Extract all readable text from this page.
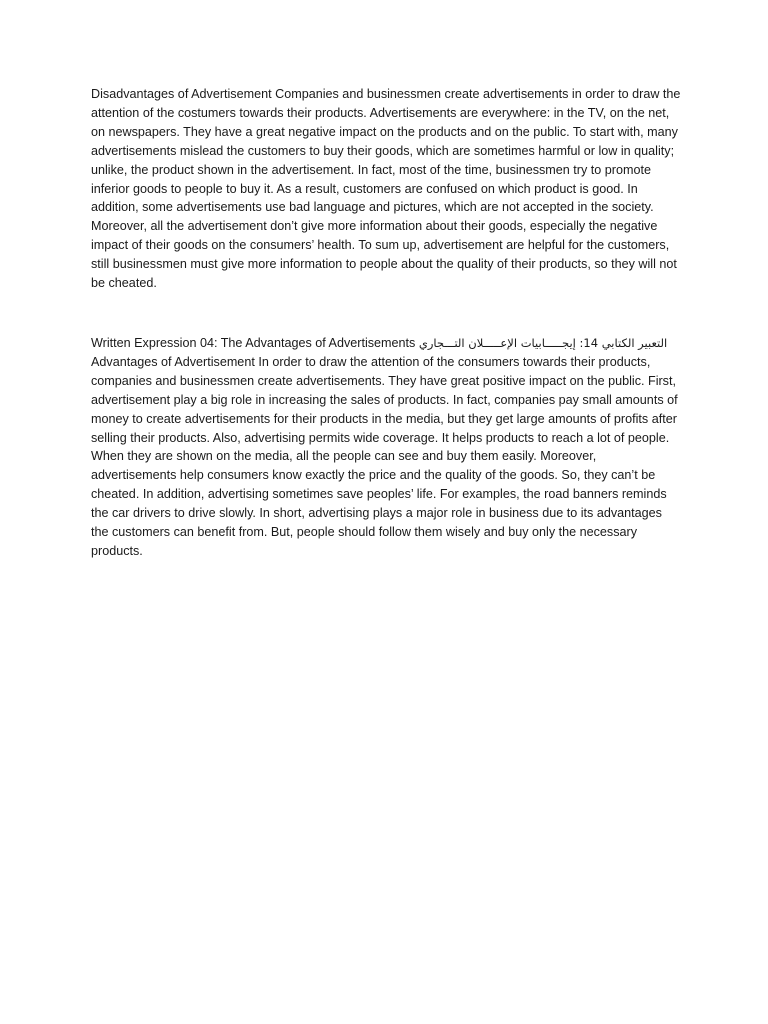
Disadvantages of Advertisement Companies and businessmen create advertisements in order to draw the attention of the costumers towards their products. Advertisements are everywhere: in the TV, on the net, on newspapers. They have a great negative impact on the products and on the public. To start with, many advertisements mislead the customers to buy their goods, which are sometimes harmful or low in quality; unlike, the product shown in the advertisement. In fact, most of the time, businessmen try to promote inferior goods to people to buy it. As a result, customers are confused on which product is good. In addition, some advertisements use bad language and pictures, which are not accepted in the society. Moreover, all the advertisement don’t give more information about their goods, especially the negative impact of their goods on the consumers’ health. To sum up, advertisement are helpful for the customers, still businessmen must give more information to people about the quality of their products, so they will not be cheated.

Written Expression 04: The Advantages of Advertisements التعبير الكتابي 14: إيجـــــابيات الإعـــــلان التـــجاري
Advantages of Advertisement In order to draw the attention of the consumers towards their products, companies and businessmen create advertisements. They have great positive impact on the public. First, advertisement play a big role in increasing the sales of products. In fact, companies pay small amounts of money to create advertisements for their products in the media, but they get large amounts of profits after selling their products. Also, advertising permits wide coverage. It helps products to reach a lot of people. When they are shown on the media, all the people can see and buy them easily. Moreover, advertisements help consumers know exactly the price and the quality of the goods. So, they can’t be cheated. In addition, advertising sometimes save peoples’ life. For examples, the road banners reminds the car drivers to drive slowly. In short, advertising plays a major role in business due to its advantages the customers can benefit from. But, people should follow them wisely and buy only the necessary products.
